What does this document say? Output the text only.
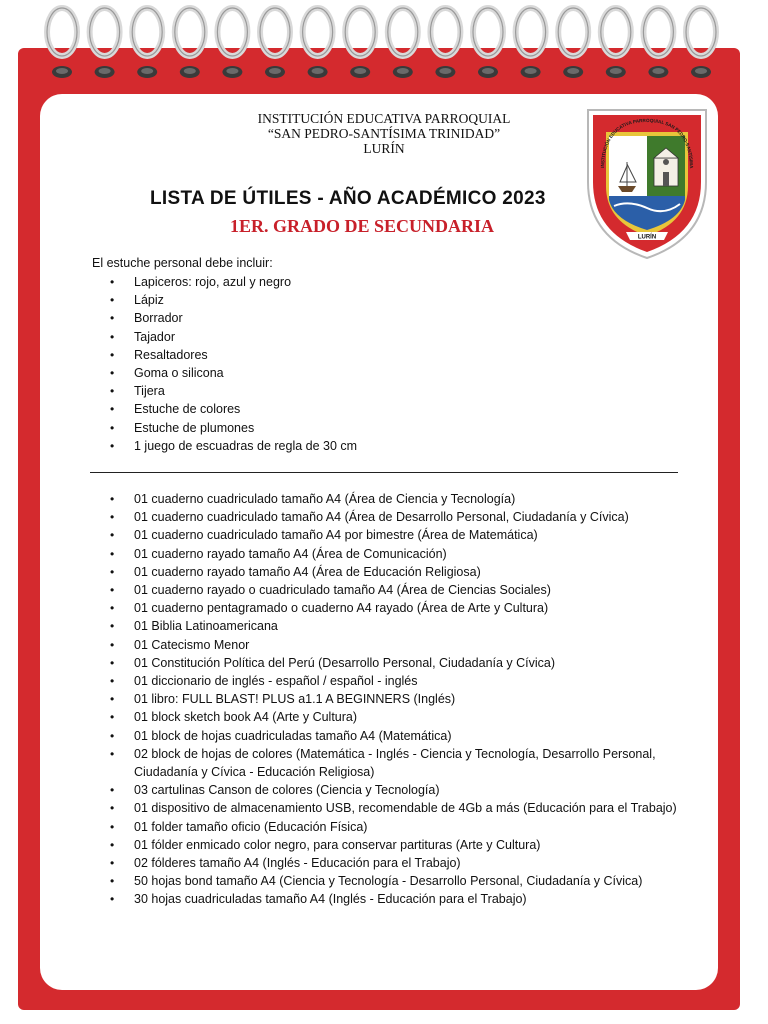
INSTITUCIÓN EDUCATIVA PARROQUIAL
“SAN PEDRO-SANTÍSIMA TRINIDAD”
LURÍN
LISTA DE ÚTILES - AÑO ACADÉMICO 2023
1ER. GRADO DE SECUNDARIA
LURÍN
INSTITUCIÓN EDUCATIVA PARROQUIAL SAN PEDRO-SANTÍSIMA
El estuche personal debe incluir:
• Lapiceros: rojo, azul y negro
• Lápiz
• Borrador
• Tajador
• Resaltadores
• Goma o silicona
• Tijera
• Estuche de colores
• Estuche de plumones
• 1 juego de escuadras de regla de 30 cm
• 01 cuaderno cuadriculado tamaño A4 (Área de Ciencia y Tecnología)
• 01 cuaderno cuadriculado tamaño A4 (Área de Desarrollo Personal, Ciudadanía y Cívica)
• 01 cuaderno cuadriculado tamaño A4 por bimestre (Área de Matemática)
• 01 cuaderno rayado tamaño A4 (Área de Comunicación)
• 01 cuaderno rayado tamaño A4 (Área de Educación Religiosa)
• 01 cuaderno rayado o cuadriculado tamaño A4 (Área de Ciencias Sociales)
• 01 cuaderno pentagramado o cuaderno A4 rayado (Área de Arte y Cultura)
• 01 Biblia Latinoamericana
• 01 Catecismo Menor
• 01 Constitución Política del Perú (Desarrollo Personal, Ciudadanía y Cívica)
• 01 diccionario de inglés - español / español - inglés
• 01 libro: FULL BLAST! PLUS a1.1 A BEGINNERS (Inglés)
• 01 block sketch book A4 (Arte y Cultura)
• 01 block de hojas cuadriculadas tamaño A4 (Matemática)
• 02 block de hojas de colores (Matemática - Inglés - Ciencia y Tecnología, Desarrollo Personal, Ciudadanía y Cívica - Educación Religiosa)
• 03 cartulinas Canson de colores (Ciencia y Tecnología)
• 01 dispositivo de almacenamiento USB, recomendable de 4Gb a más (Educación para el Trabajo)
• 01 folder tamaño oficio (Educación Física)
• 01 fólder enmicado color negro, para conservar partituras (Arte y Cultura)
• 02 fólderes tamaño A4 (Inglés - Educación para el Trabajo)
• 50 hojas bond tamaño A4 (Ciencia y Tecnología - Desarrollo Personal, Ciudadanía y Cívica)
• 30 hojas cuadriculadas tamaño A4 (Inglés - Educación para el Trabajo)
